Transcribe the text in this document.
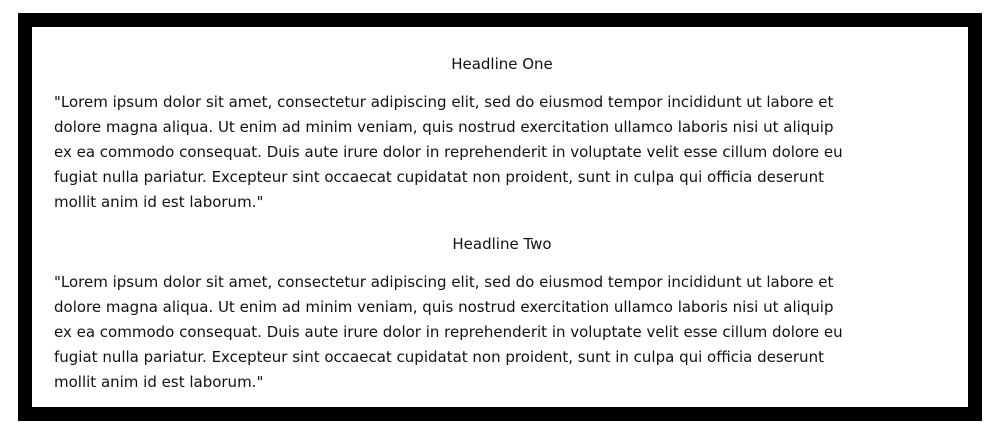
Headline One
"Lorem ipsum dolor sit amet, consectetur adipiscing elit, sed do eiusmod tempor incididunt ut labore et
dolore magna aliqua. Ut enim ad minim veniam, quis nostrud exercitation ullamco laboris nisi ut aliquip
ex ea commodo consequat. Duis aute irure dolor in reprehenderit in voluptate velit esse cillum dolore eu
fugiat nulla pariatur. Excepteur sint occaecat cupidatat non proident, sunt in culpa qui officia deserunt
mollit anim id est laborum."
Headline Two
"Lorem ipsum dolor sit amet, consectetur adipiscing elit, sed do eiusmod tempor incididunt ut labore et
dolore magna aliqua. Ut enim ad minim veniam, quis nostrud exercitation ullamco laboris nisi ut aliquip
ex ea commodo consequat. Duis aute irure dolor in reprehenderit in voluptate velit esse cillum dolore eu
fugiat nulla pariatur. Excepteur sint occaecat cupidatat non proident, sunt in culpa qui officia deserunt
mollit anim id est laborum."
